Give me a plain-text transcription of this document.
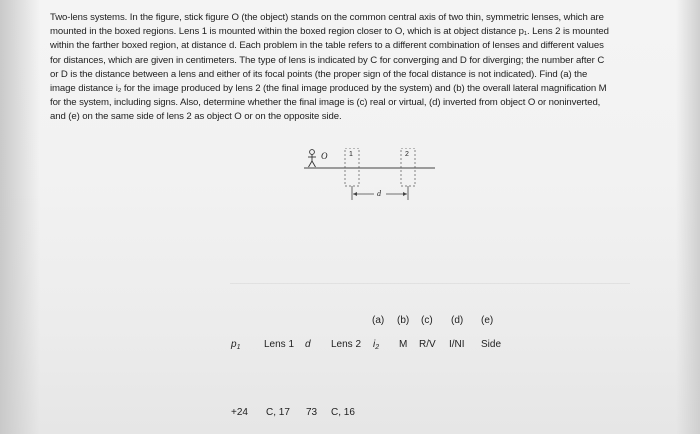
Two-lens systems. In the figure, stick figure O (the object) stands on the common central axis of two thin, symmetric lenses, which are
mounted in the boxed regions. Lens 1 is mounted within the boxed region closer to O, which is at object distance p₁. Lens 2 is mounted
within the farther boxed region, at distance d. Each problem in the table refers to a different combination of lenses and different values
for distances, which are given in centimeters. The type of lens is indicated by C for converging and D for diverging; the number after C
or D is the distance between a lens and either of its focal points (the proper sign of the focal distance is not indicated). Find (a) the
image distance i₂ for the image produced by lens 2 (the final image produced by the system) and (b) the overall lateral magnification M
for the system, including signs. Also, determine whether the final image is (c) real or virtual, (d) inverted from object O or noninverted,
and (e) on the same side of lens 2 as object O or on the opposite side.
O	1	2
d
(a) (b) (c) (d) (e)
$p_1$ Lens 1 d Lens 2 $i_2$ M R/V I/NI Side
+24 C, 17 73 C, 16
